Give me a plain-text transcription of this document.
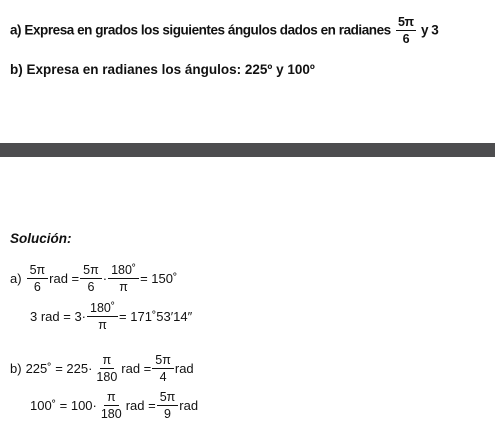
a) Expresa en grados los siguientes ángulos dados en radianes $\frac{5\pi}{6}$ y 3
b) Expresa en radianes los ángulos: 225º y 100º
Solución:
$a) \frac{5\pi}{6}$ rad = $\frac{5\pi}{6} \cdot \frac{180˚}{\pi}$ = 150˚
3 rad = $3\cdot \frac{180˚}{\pi}$ = 171˚53′14″
b) 225˚ = $225\cdot \frac{\pi}{180}$ rad = $\frac{5\pi}{4}$ rad
100˚ = $100\cdot \frac{\pi}{180}$ rad = $\frac{5\pi}{9}$ rad
